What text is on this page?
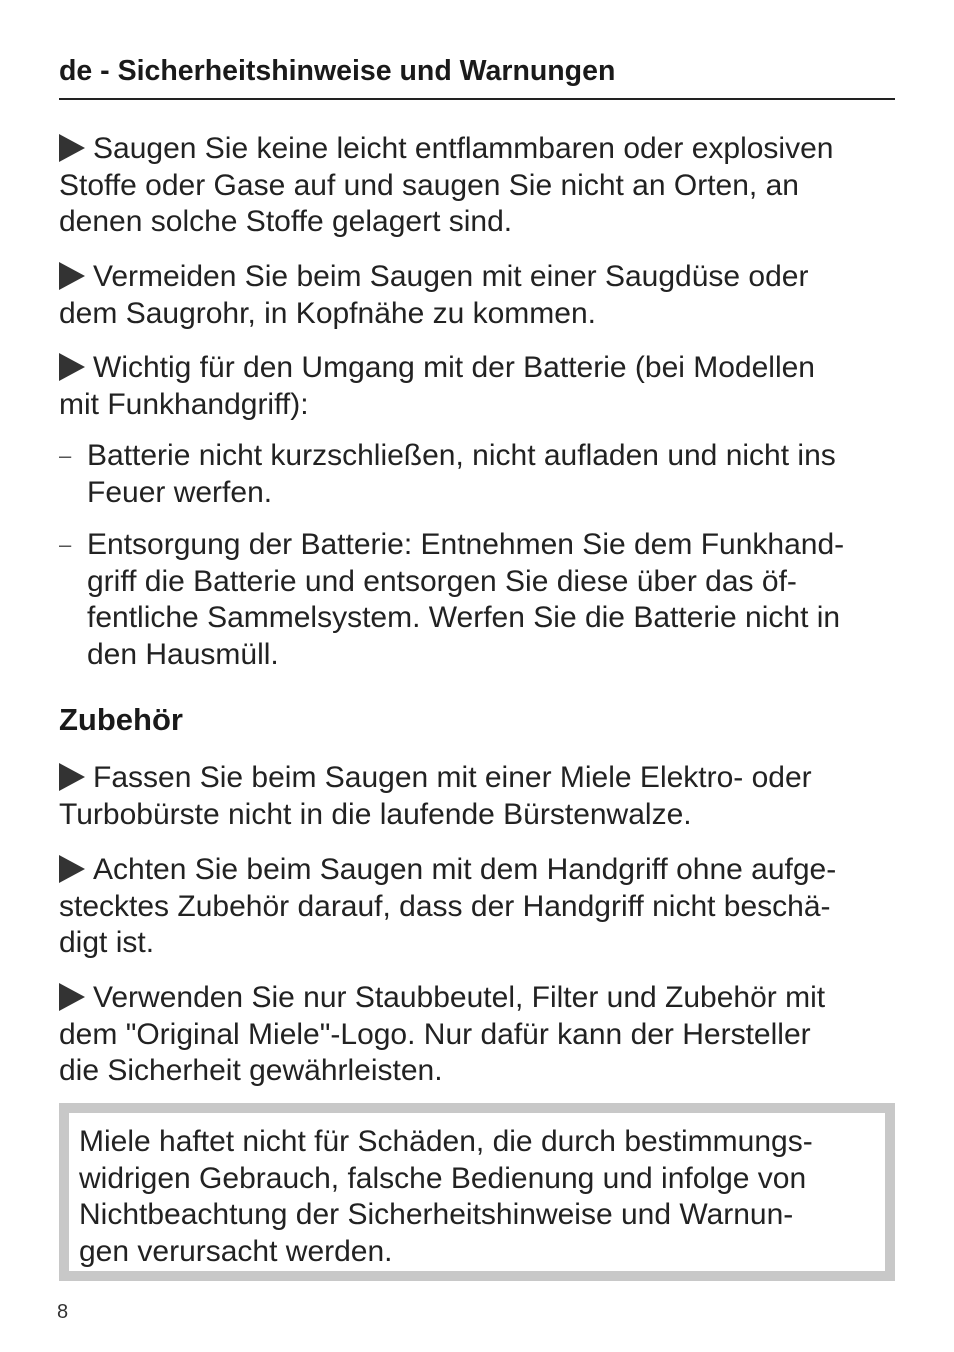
de - Sicherheitshinweise und Warnungen
Saugen Sie keine leicht entflammbaren oder explosiven
Stoffe oder Gase auf und saugen Sie nicht an Orten, an
denen solche Stoffe gelagert sind.
Vermeiden Sie beim Saugen mit einer Saugdüse oder
dem Saugrohr, in Kopfnähe zu kommen.
Wichtig für den Umgang mit der Batterie (bei Modellen
mit Funkhandgriff):
– Batterie nicht kurzschließen, nicht aufladen und nicht ins
Feuer werfen.
– Entsorgung der Batterie: Entnehmen Sie dem Funkhand-
griff die Batterie und entsorgen Sie diese über das öf-
fentliche Sammelsystem. Werfen Sie die Batterie nicht in
den Hausmüll.
Zubehör
Fassen Sie beim Saugen mit einer Miele Elektro- oder
Turbobürste nicht in die laufende Bürstenwalze.
Achten Sie beim Saugen mit dem Handgriff ohne aufge-
stecktes Zubehör darauf, dass der Handgriff nicht beschä-
digt ist.
Verwenden Sie nur Staubbeutel, Filter und Zubehör mit
dem "Original Miele"-Logo. Nur dafür kann der Hersteller
die Sicherheit gewährleisten.
Miele haftet nicht für Schäden, die durch bestimmungs-
widrigen Gebrauch, falsche Bedienung und infolge von
Nichtbeachtung der Sicherheitshinweise und Warnun-
gen verursacht werden.
8
